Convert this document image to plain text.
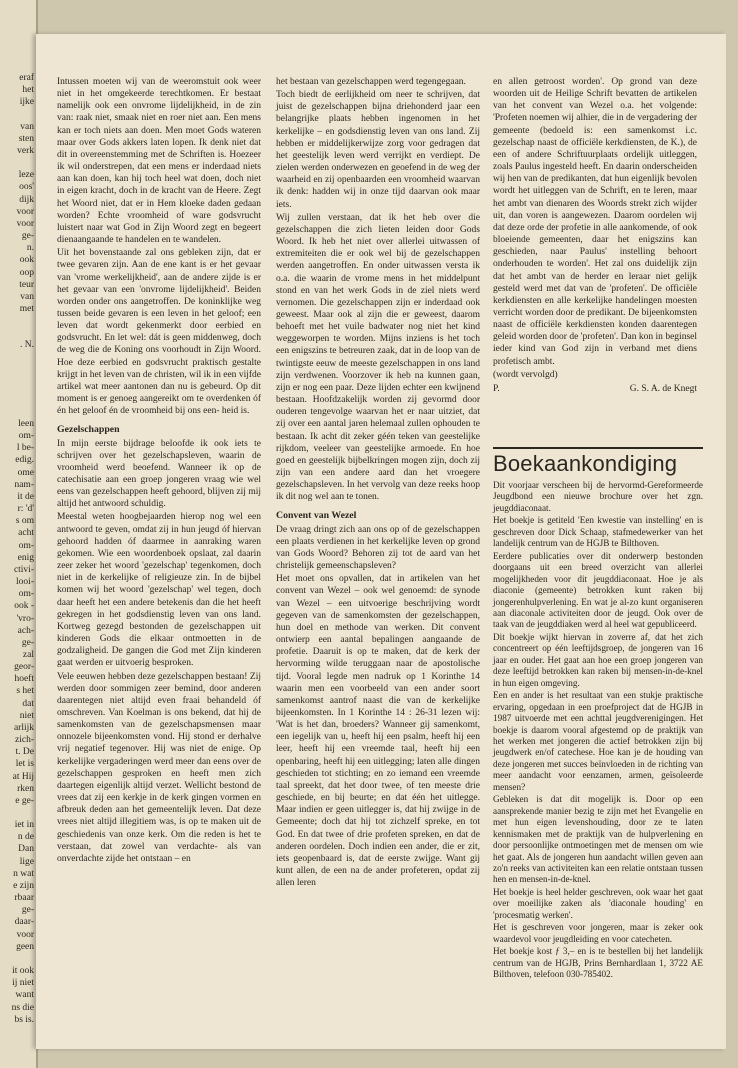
eraf
het
ijke

van
sten
verk

leze
oos'
dijk
voor
voor
ge-
n.
ook
oop
teur
van
met

. N.
leen
om-
l be-
edig.
ome
nam-
it de
r: 'd'
s om
acht
om-
enig
ctivi-
looi-
om-
ook -
'vro-
ach-
ge-
zal
geor-
hoeft
s het
dat
niet
arlijk
zich-
t. De
let is
at Hij
rken
e ge-

iet in
n de
Dan
lige
n wat
e zijn
rbaar
ge-
daar-
voor
geen

it ook
ij niet
want
ns die
bs is.

Intussen moeten wij van de weeromstuit ook weer niet in het omgekeerde terechtkomen. Er bestaat namelijk ook een onvrome lijdelijkheid, in de zin van: raak niet, smaak niet en roer niet aan. Een mens kan er toch niets aan doen. Men moet Gods wateren maar over Gods akkers laten lopen. Ik denk niet dat dit in overeenstemming met de Schriften is. Hoezeer ik wil onderstrepen, dat een mens er inderdaad niets aan kan doen, kan hij toch heel wat doen, doch niet in eigen kracht, doch in de kracht van de Heere. Zegt het Woord niet, dat er in Hem kloeke daden gedaan worden? Echte vroomheid of ware godsvrucht luistert naar wat God in Zijn Woord zegt en begeert dienaangaande te handelen en te wandelen.

Uit het bovenstaande zal ons gebleken zijn, dat er twee gevaren zijn. Aan de ene kant is er het gevaar van 'vrome werkelijkheid', aan de andere zijde is er het gevaar van een 'onvrome lijdelijkheid'. Beiden worden onder ons aangetroffen. De koninklijke weg tussen beide gevaren is een leven in het geloof; een leven dat wordt gekenmerkt door eerbied en godsvrucht. En let wel: dát is geen middenweg, doch de weg die de Koning ons voorhoudt in Zijn Woord. Hoe deze eerbied en godsvrucht praktisch gestalte krijgt in het leven van de christen, wil ik in een vijfde artikel wat meer aantonen dan nu is gebeurd. Op dit moment is er genoeg aangereikt om te overdenken óf én het geloof én de vroomheid bij ons een- heid is.

Gezelschappen

In mijn eerste bijdrage beloofde ik ook iets te schrijven over het gezelschapsleven, waarin de vroomheid werd beoefend. Wanneer ik op de catechisatie aan een groep jongeren vraag wie wel eens van gezelschappen heeft gehoord, blijven zij mij altijd het antwoord schuldig.

Meestal weten hoogbejaarden hierop nog wel een antwoord te geven, omdat zij in hun jeugd óf hiervan gehoord hadden óf daarmee in aanraking waren gekomen. Wie een woordenboek opslaat, zal daarin zeer zeker het woord 'gezelschap' tegenkomen, doch niet in de kerkelijke of religieuze zin. In de bijbel komen wij het woord 'gezelschap' wel tegen, doch daar heeft het een andere betekenis dan die het heeft gekregen in het godsdienstig leven van ons land. Kortweg gezegd bestonden de gezelschappen uit kinderen Gods die elkaar ontmoetten in de godzaligheid. De gangen die God met Zijn kinderen gaat werden er uitvoerig besproken.

Vele eeuwen hebben deze gezelschappen bestaan! Zij werden door sommigen zeer bemind, door anderen daarentegen niet altijd even fraai behandeld óf omschreven. Van Koelman is ons bekend, dat hij de samenkomsten van de gezelschapsmensen maar onnozele bijeenkomsten vond. Hij stond er derhalve vrij negatief tegenover. Hij was niet de enige. Op kerkelijke vergaderingen werd meer dan eens over de gezelschappen gesproken en heeft men zich daartegen eigenlijk altijd verzet. Wellicht bestond de vrees dat zij een kerkje in de kerk gingen vormen en afbreuk deden aan het gemeentelijk leven. Dat deze vrees niet altijd illegitiem was, is op te maken uit de geschiedenis van onze kerk. Om die reden is het te verstaan, dat zowel van verdachte- als van onverdachte zijde het ontstaan – en

het bestaan van gezelschappen werd tegengegaan.

Toch biedt de eerlijkheid om neer te schrijven, dat juist de gezelschappen bijna driehonderd jaar een belangrijke plaats hebben ingenomen in het kerkelijke – en godsdienstig leven van ons land. Zij hebben er middelijkerwijze zorg voor gedragen dat het geestelijk leven werd verrijkt en verdiept. De zielen werden onderwezen en geoefend in de weg der waarheid en zij openbaarden een vroomheid waarvan ik denk: hadden wij in onze tijd daarvan ook maar iets.

Wij zullen verstaan, dat ik het heb over die gezelschappen die zich lieten leiden door Gods Woord. Ik heb het niet over allerlei uitwassen of extremiteiten die er ook wel bij de gezelschappen werden aangetroffen. En onder uitwassen versta ik o.a. die waarin de vrome mens in het middelpunt stond en van het werk Gods in de ziel niets werd vernomen. Die gezelschappen zijn er inderdaad ook geweest. Maar ook al zijn die er geweest, daarom behoeft met het vuile badwater nog niet het kind weggeworpen te worden. Mijns inziens is het toch een enigszins te betreuren zaak, dat in de loop van de twintigste eeuw de meeste gezelschappen in ons land zijn verdwenen. Voorzover ik heb na kunnen gaan, zijn er nog een paar. Deze lijden echter een kwijnend bestaan. Hoofdzakelijk worden zij gevormd door ouderen tengevolge waarvan het er naar uitziet, dat zij over een aantal jaren helemaal zullen ophouden te bestaan. Ik acht dit zeker géén teken van geestelijke rijkdom, veeleer van geestelijke armoede. En hoe goed en geestelijk bijbelkringen mogen zijn, doch zij zijn van een andere aard dan het vroegere gezelschapsleven. In het vervolg van deze reeks hoop ik dit nog wel aan te tonen.

Convent van Wezel

De vraag dringt zich aan ons op of de gezelschappen een plaats verdienen in het kerkelijke leven op grond van Gods Woord? Behoren zij tot de aard van het christelijk gemeenschapsleven?

Het moet ons opvallen, dat in artikelen van het convent van Wezel – ook wel genoemd: de synode van Wezel – een uitvoerige beschrijving wordt gegeven van de samenkomsten der gezelschappen, hun doel en methode van werken. Dit convent ontwierp een aantal bepalingen aangaande de profetie. Daaruit is op te maken, dat de kerk der hervorming wilde teruggaan naar de apostolische tijd. Vooral legde men nadruk op 1 Korinthe 14 waarin men een voorbeeld van een ander soort samenkomst aantrof naast die van de kerkelijke bijeenkomsten. In 1 Korinthe 14 : 26-31 lezen wij: 'Wat is het dan, broeders? Wanneer gij samenkomt, een iegelijk van u, heeft hij een psalm, heeft hij een leer, heeft hij een vreemde taal, heeft hij een openbaring, heeft hij een uitlegging; laten alle dingen geschieden tot stichting; en zo iemand een vreemde taal spreekt, dat het door twee, of ten meeste drie geschiede, en bij beurte; en dat één het uitlegge. Maar indien er geen uitlegger is, dat hij zwijge in de Gemeente; doch dat hij tot zichzelf spreke, en tot God. En dat twee of drie profeten spreken, en dat de anderen oordelen. Doch indien een ander, die er zit, iets geopenbaard is, dat de eerste zwijge. Want gij kunt allen, de een na de ander profeteren, opdat zij allen leren

en allen getroost worden'. Op grond van deze woorden uit de Heilige Schrift bevatten de artikelen van het convent van Wezel o.a. het volgende: 'Profeten noemen wij alhier, die in de vergadering der gemeente (bedoeld is: een samenkomst i.c. gezelschap naast de officiële kerkdiensten, de K.), de een of andere Schriftuurplaats ordelijk uitleggen, zoals Paulus ingesteld heeft. En daarin onderscheiden wij hen van de predikanten, dat hun eigenlijk bevolen wordt het uitleggen van de Schrift, en te leren, maar het ambt van dienaren des Woords strekt zich wijder uit, dan voren is aangewezen. Daarom oordelen wij dat deze orde der profetie in alle aankomende, of ook bloeiende gemeenten, daar het enigszins kan geschieden, naar Paulus' instelling behoort onderhouden te worden'. Het zal ons duidelijk zijn dat het ambt van de herder en leraar niet gelijk gesteld werd met dat van de 'profeten'. De officiële kerkdiensten en alle kerkelijke handelingen moesten verricht worden door de predikant. De bijeenkomsten naast de officiële kerkdiensten konden daarentegen geleid worden door de 'profeten'. Dan kon in beginsel ieder kind van God zijn in verband met diens profetisch ambt.

(wordt vervolgd)

P.	G. S. A. de Knegt
Boekaankondiging

Dit voorjaar verscheen bij de hervormd-Gereformeerde Jeugdbond een nieuwe brochure over het zgn. jeugddiaconaat.

Het boekje is getiteld 'Een kwestie van instelling' en is geschreven door Dick Schaap, stafmedewerker van het landelijk centrum van de HGJB te Bilthoven.

Eerdere publicaties over dit onderwerp bestonden doorgaans uit een breed overzicht van allerlei mogelijkheden voor dit jeugddiaconaat. Hoe je als diaconie (gemeente) betrokken kunt raken bij jongerenhulpverlening. En wat je al-zo kunt organiseren aan diaconale activiteiten door de jeugd. Ook over de taak van de jeugddiaken werd al heel wat gepubliceerd.

Dit boekje wijkt hiervan in zoverre af, dat het zich concentreert op één leeftijdsgroep, de jongeren van 16 jaar en ouder. Het gaat aan hoe een groep jongeren van deze leeftijd betrokken kan raken bij mensen-in-de-knel in hun eigen omgeving.

Een en ander is het resultaat van een stukje praktische ervaring, opgedaan in een proefproject dat de HGJB in 1987 uitvoerde met een achttal jeugdverenigingen. Het boekje is daarom vooral afgestemd op de praktijk van het werken met jongeren die actief betrokken zijn bij jeugdwerk en/of catechese. Hoe kan je de houding van deze jongeren met succes beïnvloeden in de richting van meer aandacht voor eenzamen, armen, geïsoleerde mensen?

Gebleken is dat dit mogelijk is. Door op een aansprekende manier bezig te zijn met het Evangelie en met hun eigen levenshouding, door ze te laten kennismaken met de praktijk van de hulpverlening en door persoonlijke ontmoetingen met de mensen om wie het gaat. Als de jongeren hun aandacht willen geven aan zo'n reeks van activiteiten kan een relatie ontstaan tussen hen en mensen-in-de-knel.

Het boekje is heel helder geschreven, ook waar het gaat over moeilijke zaken als 'diaconale houding' en 'procesmatig werken'.

Het is geschreven voor jongeren, maar is zeker ook waardevol voor jeugdleiding en voor catecheten.

Het boekje kost ƒ 3,– en is te bestellen bij het landelijk centrum van de HGJB, Prins Bernhardlaan 1, 3722 AE Bilthoven, telefoon 030-785402.
